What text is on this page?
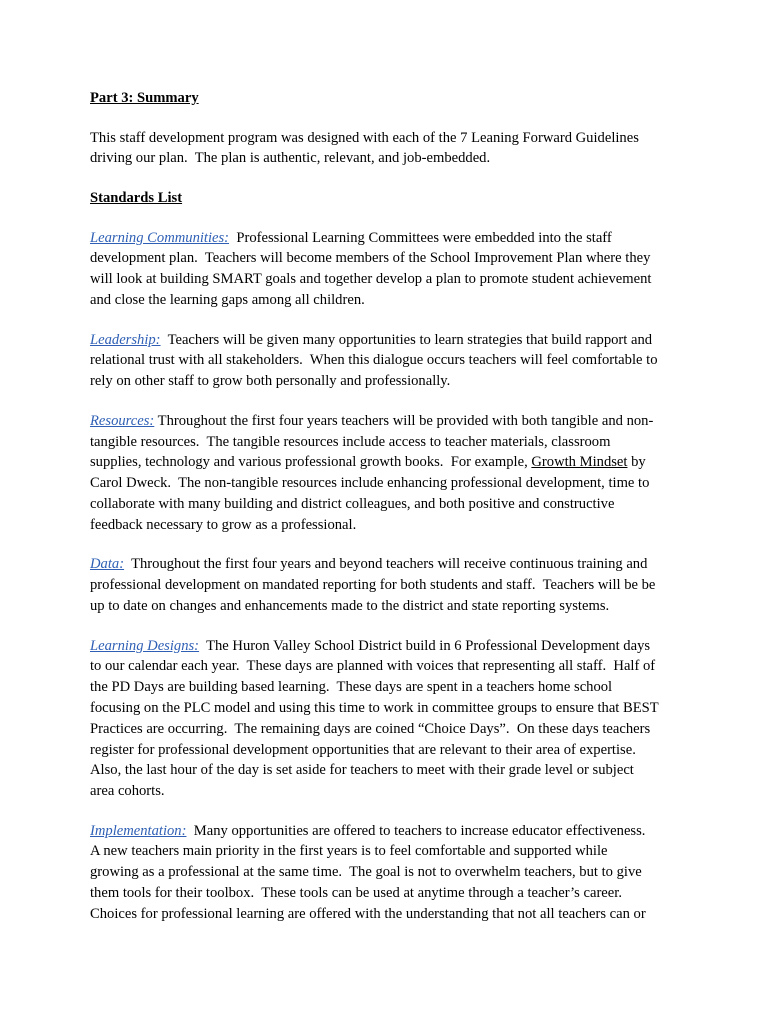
Part 3: Summary

This staff development program was designed with each of the 7 Leaning Forward Guidelines
driving our plan.  The plan is authentic, relevant, and job-embedded.

Standards List

Learning Communities:  Professional Learning Committees were embedded into the staff
development plan.  Teachers will become members of the School Improvement Plan where they
will look at building SMART goals and together develop a plan to promote student achievement
and close the learning gaps among all children.

Leadership:  Teachers will be given many opportunities to learn strategies that build rapport and
relational trust with all stakeholders.  When this dialogue occurs teachers will feel comfortable to
rely on other staff to grow both personally and professionally.

Resources: Throughout the first four years teachers will be provided with both tangible and non-
tangible resources.  The tangible resources include access to teacher materials, classroom
supplies, technology and various professional growth books.  For example, Growth Mindset by
Carol Dweck.  The non-tangible resources include enhancing professional development, time to
collaborate with many building and district colleagues, and both positive and constructive
feedback necessary to grow as a professional.

Data:  Throughout the first four years and beyond teachers will receive continuous training and
professional development on mandated reporting for both students and staff.  Teachers will be be
up to date on changes and enhancements made to the district and state reporting systems.

Learning Designs:  The Huron Valley School District build in 6 Professional Development days
to our calendar each year.  These days are planned with voices that representing all staff.  Half of
the PD Days are building based learning.  These days are spent in a teachers home school
focusing on the PLC model and using this time to work in committee groups to ensure that BEST
Practices are occurring.  The remaining days are coined “Choice Days”.  On these days teachers
register for professional development opportunities that are relevant to their area of expertise.
Also, the last hour of the day is set aside for teachers to meet with their grade level or subject
area cohorts.

Implementation:  Many opportunities are offered to teachers to increase educator effectiveness.
A new teachers main priority in the first years is to feel comfortable and supported while
growing as a professional at the same time.  The goal is not to overwhelm teachers, but to give
them tools for their toolbox.  These tools can be used at anytime through a teacher’s career.
Choices for professional learning are offered with the understanding that not all teachers can or
